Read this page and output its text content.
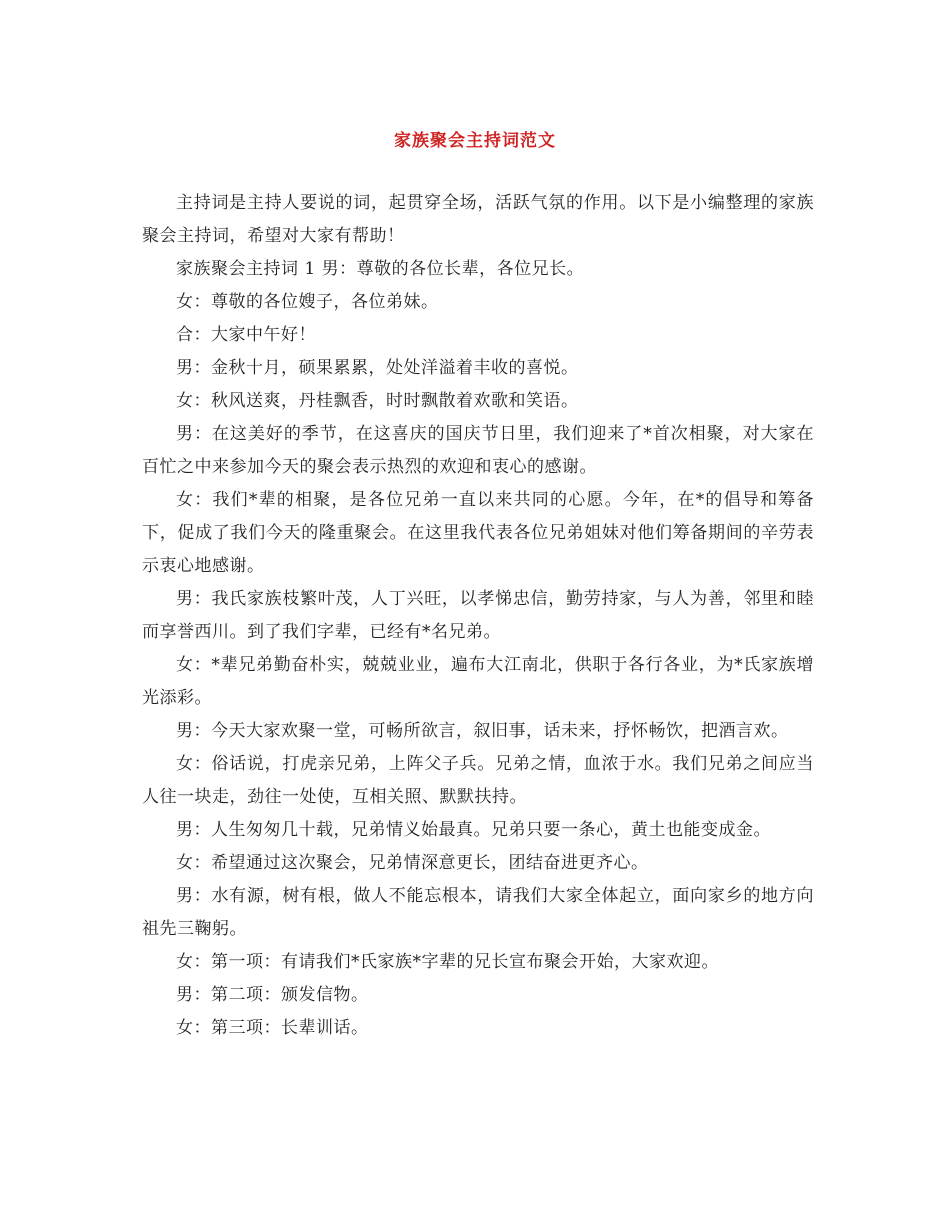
家族聚会主持词范文

主持词是主持人要说的词，起贯穿全场，活跃气氛的作用。以下是小编整理的家族聚会主持词，希望对大家有帮助！

家族聚会主持词 1 男：尊敬的各位长辈，各位兄长。

女：尊敬的各位嫂子，各位弟妹。

合：大家中午好！

男：金秋十月，硕果累累，处处洋溢着丰收的喜悦。

女：秋风送爽，丹桂飘香，时时飘散着欢歌和笑语。

男：在这美好的季节，在这喜庆的国庆节日里，我们迎来了*首次相聚，对大家在百忙之中来参加今天的聚会表示热烈的欢迎和衷心的感谢。

女：我们*辈的相聚，是各位兄弟一直以来共同的心愿。今年，在*的倡导和筹备下，促成了我们今天的隆重聚会。在这里我代表各位兄弟姐妹对他们筹备期间的辛劳表示衷心地感谢。

男：我氏家族枝繁叶茂，人丁兴旺，以孝悌忠信，勤劳持家，与人为善，邻里和睦而享誉西川。到了我们字辈，已经有*名兄弟。

女：*辈兄弟勤奋朴实，兢兢业业，遍布大江南北，供职于各行各业，为*氏家族增光添彩。

男：今天大家欢聚一堂，可畅所欲言，叙旧事，话未来，抒怀畅饮，把酒言欢。

女：俗话说，打虎亲兄弟，上阵父子兵。兄弟之情，血浓于水。我们兄弟之间应当人往一块走，劲往一处使，互相关照、默默扶持。

男：人生匆匆几十载，兄弟情义始最真。兄弟只要一条心，黄土也能变成金。

女：希望通过这次聚会，兄弟情深意更长，团结奋进更齐心。

男：水有源，树有根，做人不能忘根本，请我们大家全体起立，面向家乡的地方向祖先三鞠躬。

女：第一项：有请我们*氏家族*字辈的兄长宣布聚会开始，大家欢迎。

男：第二项：颁发信物。

女：第三项：长辈训话。
